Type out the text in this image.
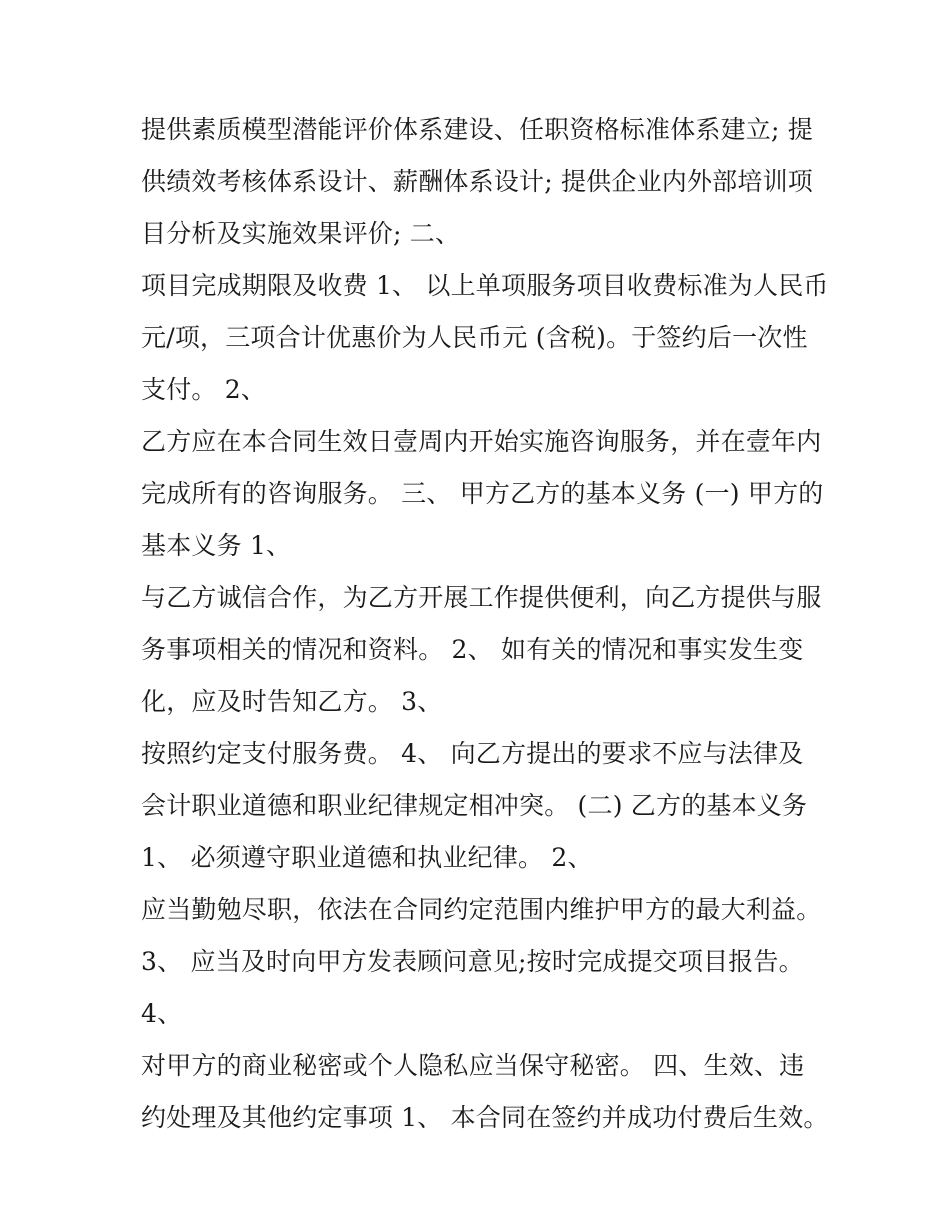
提供素质模型潜能评价体系建设、任职资格标准体系建立; 提
供绩效考核体系设计、薪酬体系设计; 提供企业内外部培训项
目分析及实施效果评价; 二、
项目完成期限及收费 1、 以上单项服务项目收费标准为人民币
元/项，三项合计优惠价为人民币元 (含税)。于签约后一次性
支付。 2、
乙方应在本合同生效日壹周内开始实施咨询服务，并在壹年内
完成所有的咨询服务。 三、 甲方乙方的基本义务 (一) 甲方的
基本义务 1、
与乙方诚信合作，为乙方开展工作提供便利，向乙方提供与服
务事项相关的情况和资料。 2、 如有关的情况和事实发生变
化，应及时告知乙方。 3、
按照约定支付服务费。 4、 向乙方提出的要求不应与法律及
会计职业道德和职业纪律规定相冲突。 (二) 乙方的基本义务
1、 必须遵守职业道德和执业纪律。 2、
应当勤勉尽职，依法在合同约定范围内维护甲方的最大利益。
3、 应当及时向甲方发表顾问意见;按时完成提交项目报告。
4、
对甲方的商业秘密或个人隐私应当保守秘密。 四、生效、违
约处理及其他约定事项 1、 本合同在签约并成功付费后生效。
